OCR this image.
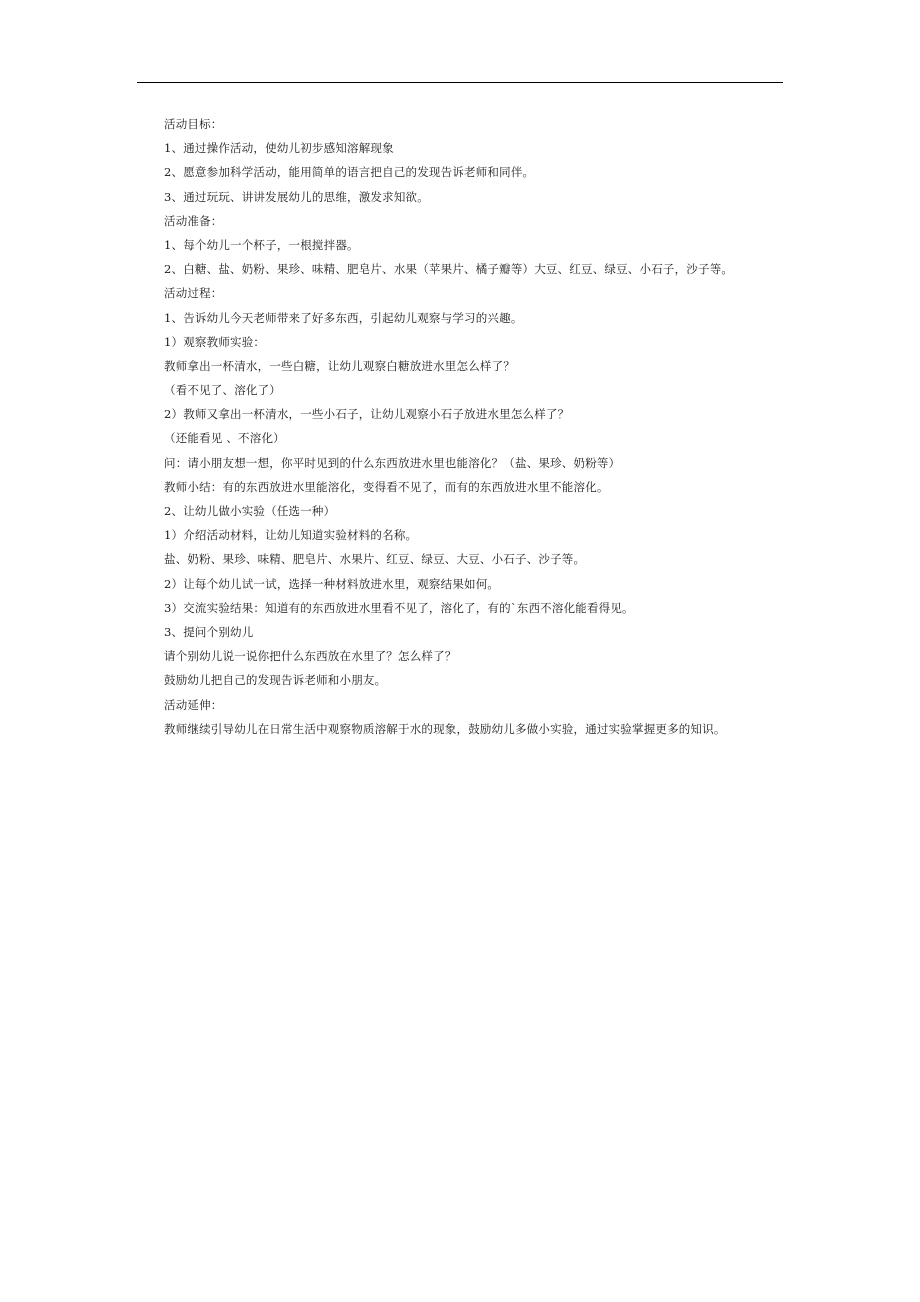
活动目标：
1、通过操作活动，使幼儿初步感知溶解现象
2、愿意参加科学活动，能用简单的语言把自己的发现告诉老师和同伴。
3、通过玩玩、讲讲发展幼儿的思维，激发求知欲。
活动准备：
1、每个幼儿一个杯子，一根搅拌器。
2、白糖、盐、奶粉、果珍、味精、肥皂片、水果（苹果片、橘子瓣等）大豆、红豆、绿豆、小石子，沙子等。
活动过程：
1、告诉幼儿今天老师带来了好多东西，引起幼儿观察与学习的兴趣。
1）观察教师实验：
教师拿出一杯清水，一些白糖，让幼儿观察白糖放进水里怎么样了？
（看不见了、溶化了）
2）教师又拿出一杯清水，一些小石子，让幼儿观察小石子放进水里怎么样了？
（还能看见 、不溶化）
问：请小朋友想一想，你平时见到的什么东西放进水里也能溶化？（盐、果珍、奶粉等）
教师小结：有的东西放进水里能溶化，变得看不见了，而有的东西放进水里不能溶化。
2、让幼儿做小实验（任选一种）
1）介绍活动材料，让幼儿知道实验材料的名称。
盐、奶粉、果珍、味精、肥皂片、水果片、红豆、绿豆、大豆、小石子、沙子等。
2）让每个幼儿试一试，选择一种材料放进水里，观察结果如何。
3）交流实验结果：知道有的东西放进水里看不见了，溶化了，有的`东西不溶化能看得见。
3、提问个别幼儿
请个别幼儿说一说你把什么东西放在水里了？怎么样了？
鼓励幼儿把自己的发现告诉老师和小朋友。
活动延伸：
教师继续引导幼儿在日常生活中观察物质溶解于水的现象，鼓励幼儿多做小实验，通过实验掌握更多的知识。
